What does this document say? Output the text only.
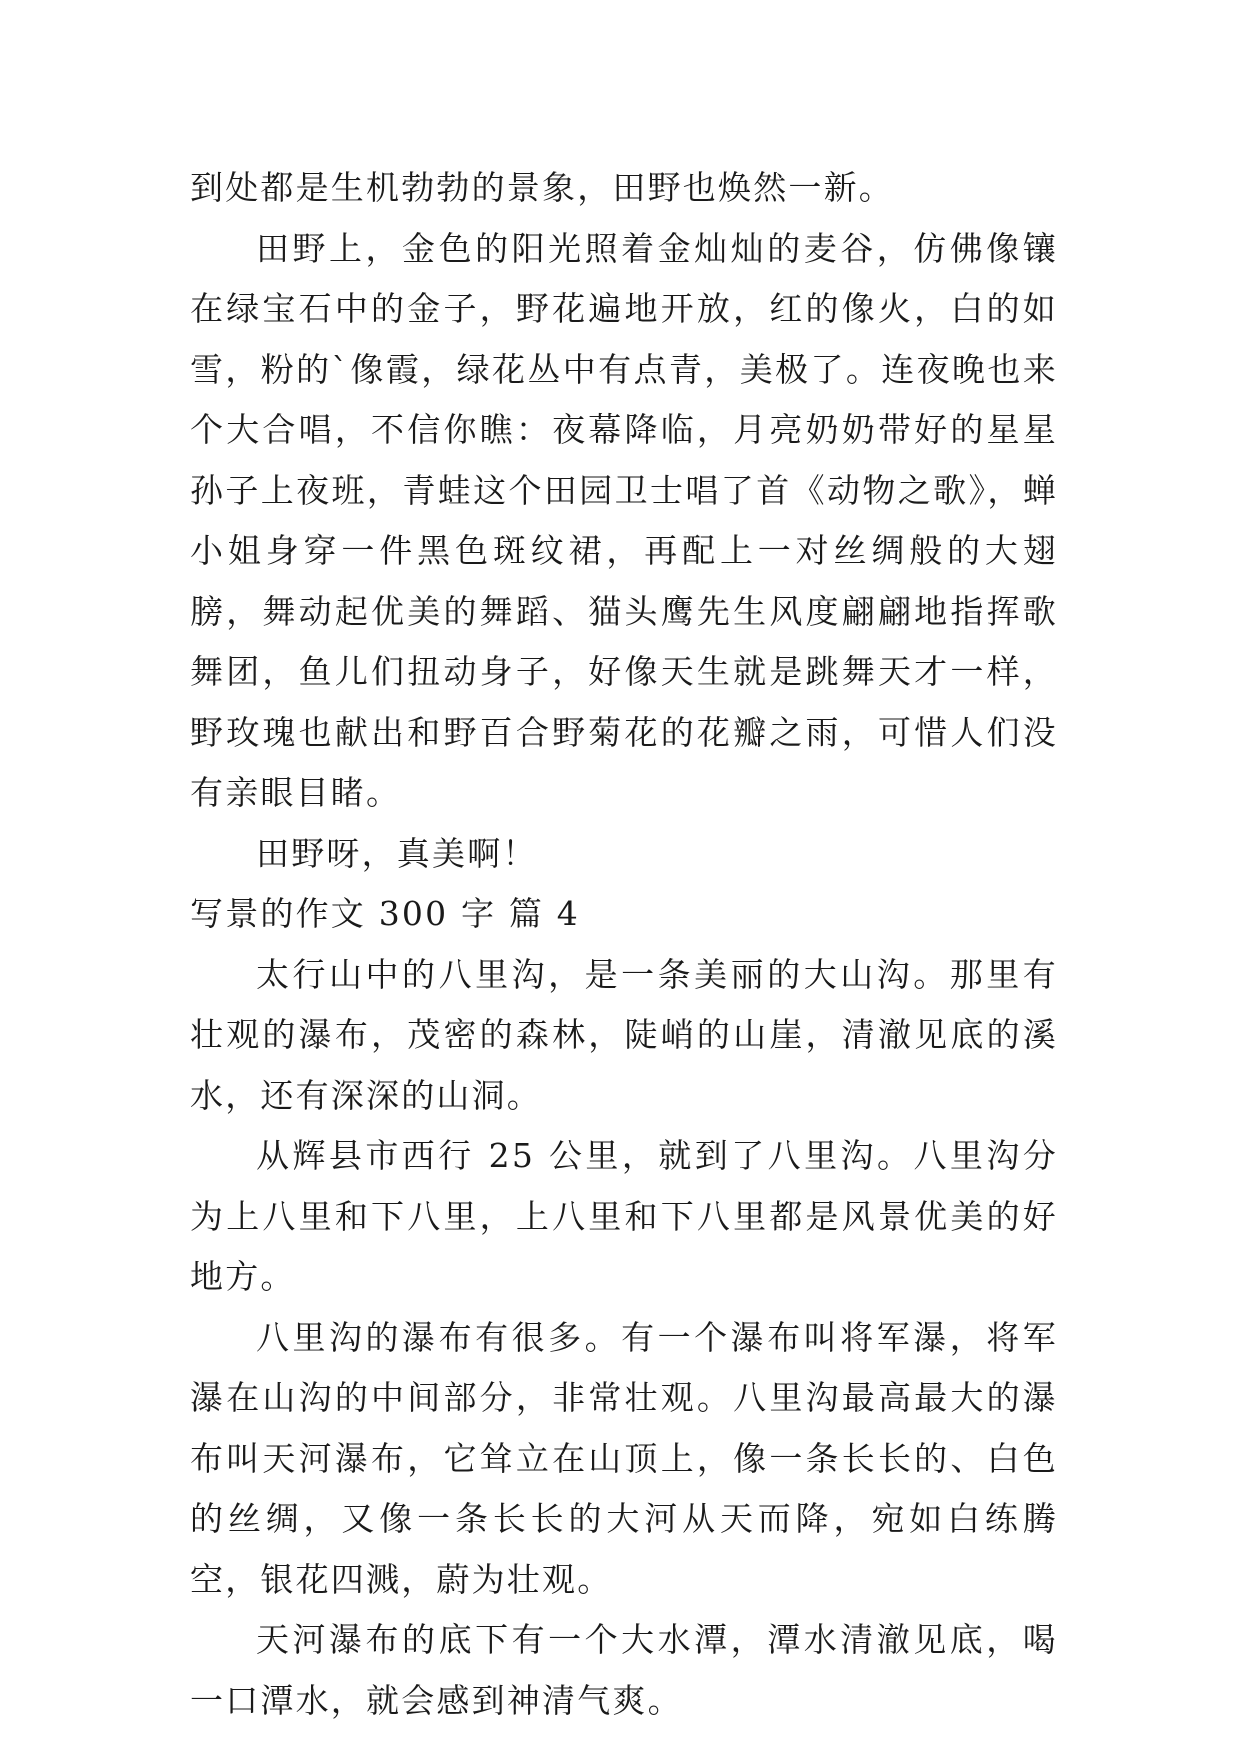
到处都是生机勃勃的景象，田野也焕然一新。

田野上，金色的阳光照着金灿灿的麦谷，仿佛像镶在绿宝石中的金子，野花遍地开放，红的像火，白的如雪，粉的`像霞，绿花丛中有点青，美极了。连夜晚也来个大合唱，不信你瞧：夜幕降临，月亮奶奶带好的星星孙子上夜班，青蛙这个田园卫士唱了首《动物之歌》，蝉小姐身穿一件黑色斑纹裙，再配上一对丝绸般的大翅膀，舞动起优美的舞蹈、猫头鹰先生风度翩翩地指挥歌舞团，鱼儿们扭动身子，好像天生就是跳舞天才一样，野玫瑰也献出和野百合野菊花的花瓣之雨，可惜人们没有亲眼目睹。

田野呀，真美啊！

写景的作文 300 字 篇 4

太行山中的八里沟，是一条美丽的大山沟。那里有壮观的瀑布，茂密的森林，陡峭的山崖，清澈见底的溪水，还有深深的山洞。

从辉县市西行 25 公里，就到了八里沟。八里沟分为上八里和下八里，上八里和下八里都是风景优美的好地方。

八里沟的瀑布有很多。有一个瀑布叫将军瀑，将军瀑在山沟的中间部分，非常壮观。八里沟最高最大的瀑布叫天河瀑布，它耸立在山顶上，像一条长长的、白色的丝绸，又像一条长长的大河从天而降，宛如白练腾空，银花四溅，蔚为壮观。

天河瀑布的底下有一个大水潭，潭水清澈见底，喝一口潭水，就会感到神清气爽。
